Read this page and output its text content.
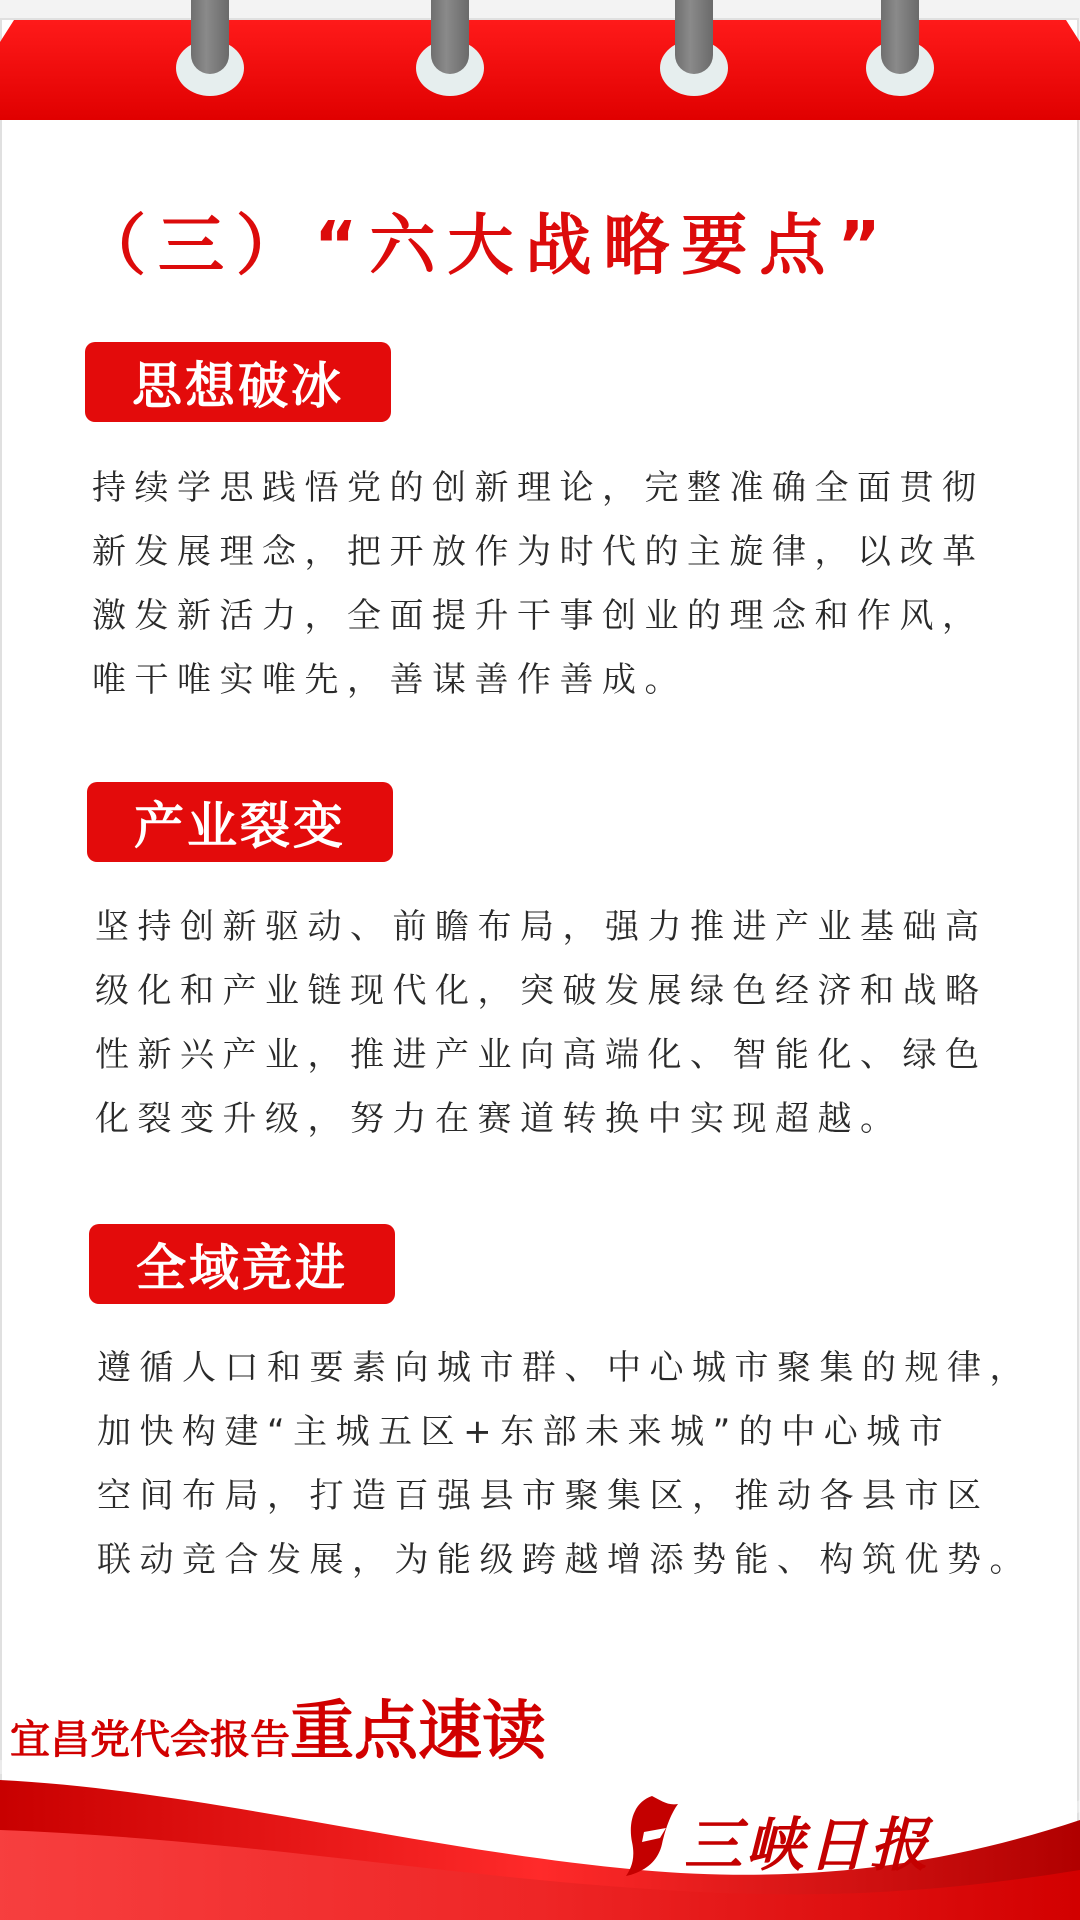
（三）“六大战略要点”
思想破冰
持续学思践悟党的创新理论，完整准确全面贯彻
新发展理念，把开放作为时代的主旋律，以改革
激发新活力，全面提升干事创业的理念和作风，
唯干唯实唯先，善谋善作善成。
产业裂变
坚持创新驱动、前瞻布局，强力推进产业基础高
级化和产业链现代化，突破发展绿色经济和战略
性新兴产业，推进产业向高端化、智能化、绿色
化裂变升级，努力在赛道转换中实现超越。
全域竞进
遵循人口和要素向城市群、中心城市聚集的规律，
加快构建“主城五区+东部未来城”的中心城市
空间布局，打造百强县市聚集区，推动各县市区
联动竞合发展，为能级跨越增添势能、构筑优势。
宜昌党代会报告重点速读
三峡日报
